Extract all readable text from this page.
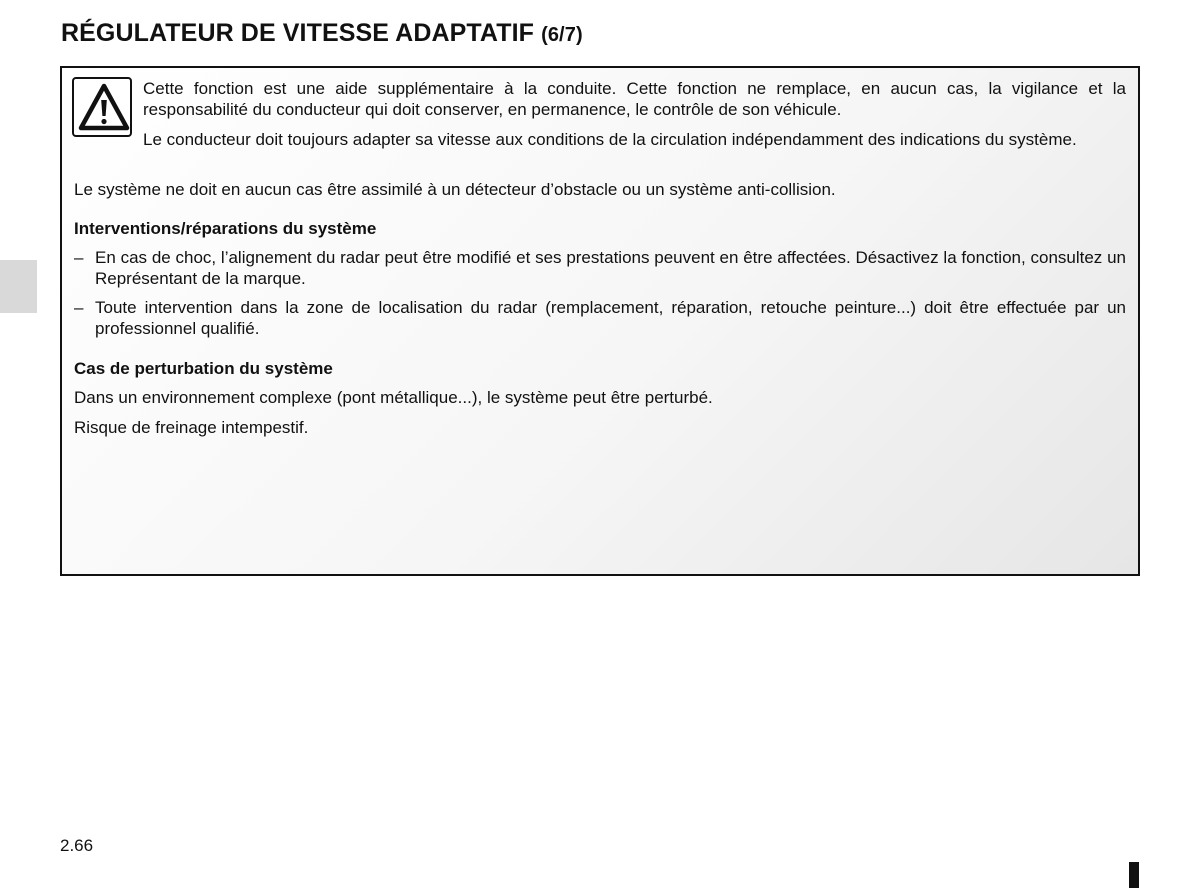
RÉGULATEUR DE VITESSE ADAPTATIF (6/7)

Cette fonction est une aide supplémentaire à la conduite. Cette fonction ne remplace, en aucun cas, la vigilance et la responsabilité du conducteur qui doit conserver, en permanence, le contrôle de son véhicule.

Le conducteur doit toujours adapter sa vitesse aux conditions de la circulation indépendamment des indications du système.

Le système ne doit en aucun cas être assimilé à un détecteur d’obstacle ou un système anti-collision.

Interventions/réparations du système

– En cas de choc, l’alignement du radar peut être modifié et ses prestations peuvent en être affectées. Désactivez la fonction, consultez un Représentant de la marque.
– Toute intervention dans la zone de localisation du radar (remplacement, réparation, retouche peinture...) doit être effectuée par un professionnel qualifié.

Cas de perturbation du système

Dans un environnement complexe (pont métallique...), le système peut être perturbé.

Risque de freinage intempestif.

2.66
